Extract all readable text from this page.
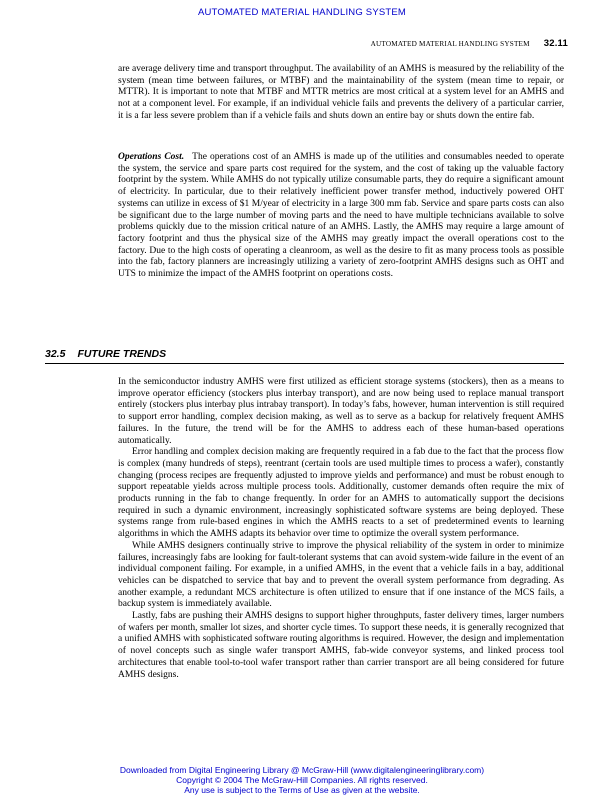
AUTOMATED MATERIAL HANDLING SYSTEM
AUTOMATED MATERIAL HANDLING SYSTEM 32.11

are average delivery time and transport throughput. The availability of an AMHS is measured by the reliability of the system (mean time between failures, or MTBF) and the maintainability of the system (mean time to repair, or MTTR). It is important to note that MTBF and MTTR metrics are most critical at a system level for an AMHS and not at a component level. For example, if an individual vehicle fails and prevents the delivery of a particular carrier, it is a far less severe problem than if a vehicle fails and shuts down an entire bay or shuts down the entire fab.

Operations Cost. The operations cost of an AMHS is made up of the utilities and consumables needed to operate the system, the service and spare parts cost required for the system, and the cost of taking up the valuable factory footprint by the system. While AMHS do not typically utilize consumable parts, they do require a significant amount of electricity. In particular, due to their relatively inefficient power transfer method, inductively powered OHT systems can utilize in excess of $1 M/year of electricity in a large 300 mm fab. Service and spare parts costs can also be significant due to the large number of moving parts and the need to have multiple technicians available to solve problems quickly due to the mission critical nature of an AMHS. Lastly, the AMHS may require a large amount of factory footprint and thus the physical size of the AMHS may greatly impact the overall operations cost to the factory. Due to the high costs of operating a cleanroom, as well as the desire to fit as many process tools as possible into the fab, factory planners are increasingly utilizing a variety of zero-footprint AMHS designs such as OHT and UTS to minimize the impact of the AMHS footprint on operations costs.

32.5 FUTURE TRENDS

In the semiconductor industry AMHS were first utilized as efficient storage systems (stockers), then as a means to improve operator efficiency (stockers plus interbay transport), and are now being used to replace manual transport entirely (stockers plus interbay plus intrabay transport). In today’s fabs, however, human intervention is still required to support error handling, complex decision making, as well as to serve as a backup for relatively frequent AMHS failures. In the future, the trend will be for the AMHS to address each of these human-based operations automatically.

Error handling and complex decision making are frequently required in a fab due to the fact that the process flow is complex (many hundreds of steps), reentrant (certain tools are used multiple times to process a wafer), constantly changing (process recipes are frequently adjusted to improve yields and performance) and must be robust enough to support repeatable yields across multiple process tools. Additionally, customer demands often require the mix of products running in the fab to change frequently. In order for an AMHS to automatically support the decisions required in such a dynamic environment, increasingly sophisticated software systems are being deployed. These systems range from rule-based engines in which the AMHS reacts to a set of predetermined events to learning algorithms in which the AMHS adapts its behavior over time to optimize the overall system performance.

While AMHS designers continually strive to improve the physical reliability of the system in order to minimize failures, increasingly fabs are looking for fault-tolerant systems that can avoid system-wide failure in the event of an individual component failing. For example, in a unified AMHS, in the event that a vehicle fails in a bay, additional vehicles can be dispatched to service that bay and to prevent the overall system performance from degrading. As another example, a redundant MCS architecture is often utilized to ensure that if one instance of the MCS fails, a backup system is immediately available.

Lastly, fabs are pushing their AMHS designs to support higher throughputs, faster delivery times, larger numbers of wafers per month, smaller lot sizes, and shorter cycle times. To support these needs, it is generally recognized that a unified AMHS with sophisticated software routing algorithms is required. However, the design and implementation of novel concepts such as single wafer transport AMHS, fab-wide conveyor systems, and linked process tool architectures that enable tool-to-tool wafer transport rather than carrier transport are all being considered for future AMHS designs.

Downloaded from Digital Engineering Library @ McGraw-Hill (www.digitalengineeringlibrary.com)
Copyright © 2004 The McGraw-Hill Companies. All rights reserved.
Any use is subject to the Terms of Use as given at the website.
